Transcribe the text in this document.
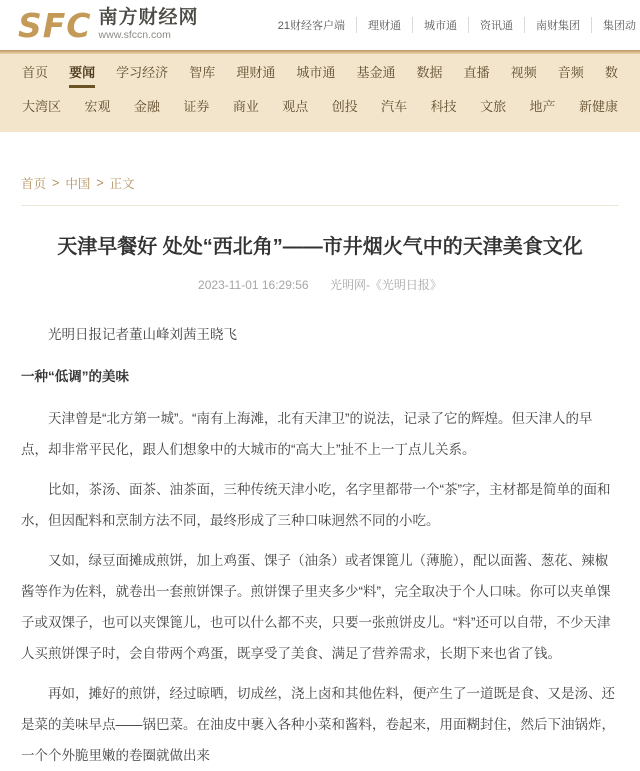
SFC 南方财经网
www.sfccn.com
21财经客户端	理财通	城市通	资讯通	南财集团	集团动
首页 要闻 学习经济 智库 理财通 城市通 基金通 数据 直播 视频 音频 数
大湾区 宏观 金融 证券 商业 观点 创投 汽车 科技 文旅 地产 新健康
首页 > 中国 > 正文
天津早餐好 处处“西北角”——市井烟火气中的天津美食文化
2023-11-01 16:29:56 光明网-《光明日报》

光明日报记者董山峰刘茜王晓飞

一种“低调”的美味

天津曾是“北方第一城”。“南有上海滩，北有天津卫”的说法，记录了它的辉煌。但天津人的早点，却非常平民化，跟人们想象中的大城市的“高大上”扯不上一丁点儿关系。

比如，茶汤、面茶、油茶面，三种传统天津小吃，名字里都带一个“茶”字，主材都是简单的面和水，但因配料和烹制方法不同，最终形成了三种口味迥然不同的小吃。

又如，绿豆面摊成煎饼，加上鸡蛋、馃子（油条）或者馃篦儿（薄脆），配以面酱、葱花、辣椒酱等作为佐料，就卷出一套煎饼馃子。煎饼馃子里夹多少“料”，完全取决于个人口味。你可以夹单馃子或双馃子，也可以夹馃篦儿，也可以什么都不夹，只要一张煎饼皮儿。“料”还可以自带，不少天津人买煎饼馃子时，会自带两个鸡蛋，既享受了美食、满足了营养需求，长期下来也省了钱。

再如，摊好的煎饼，经过晾晒，切成丝，浇上卤和其他佐料，便产生了一道既是食、又是汤、还是菜的美味早点——锅巴菜。在油皮中裹入各种小菜和酱料，卷起来，用面糊封住，然后下油锅炸，一个个外脆里嫩的卷圈就做出来
